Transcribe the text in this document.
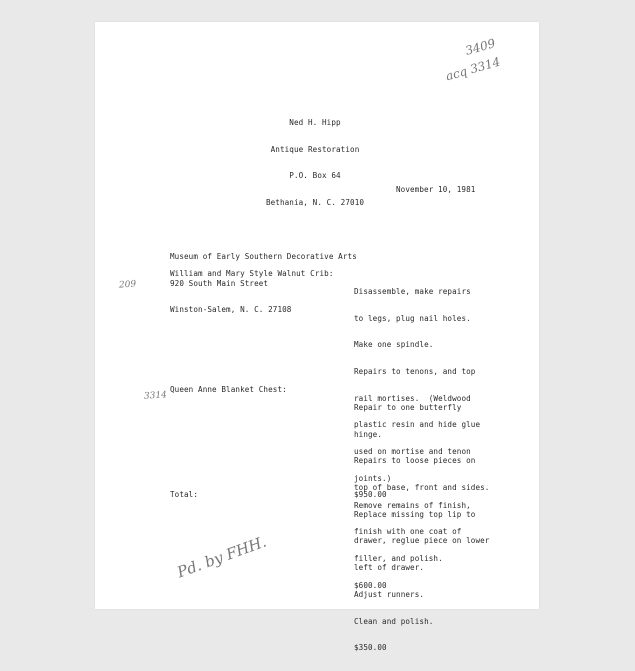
Ned H. Hipp

Antique Restoration

P.O. Box 64

Bethania, N. C. 27010

November 10, 1981

Museum of Early Southern Decorative Arts

920 South Main Street

Winston-Salem, N. C. 27108

William and Mary Style Walnut Crib:

Disassemble, make repairs

to legs, plug nail holes.

Make one spindle.

Repairs to tenons, and top

rail mortises.  (Weldwood

plastic resin and hide glue

used on mortise and tenon

joints.)

Remove remains of finish,

finish with one coat of

filler, and polish.

$600.00

Queen Anne Blanket Chest:

Repair to one butterfly

hinge.

Repairs to loose pieces on

top of base, front and sides.

Replace missing top lip to

drawer, reglue piece on lower

left of drawer.

Adjust runners.

Clean and polish.

$350.00

Total:	$950.00
3409
acq 3314
209
3314
Pd. by FHH.
